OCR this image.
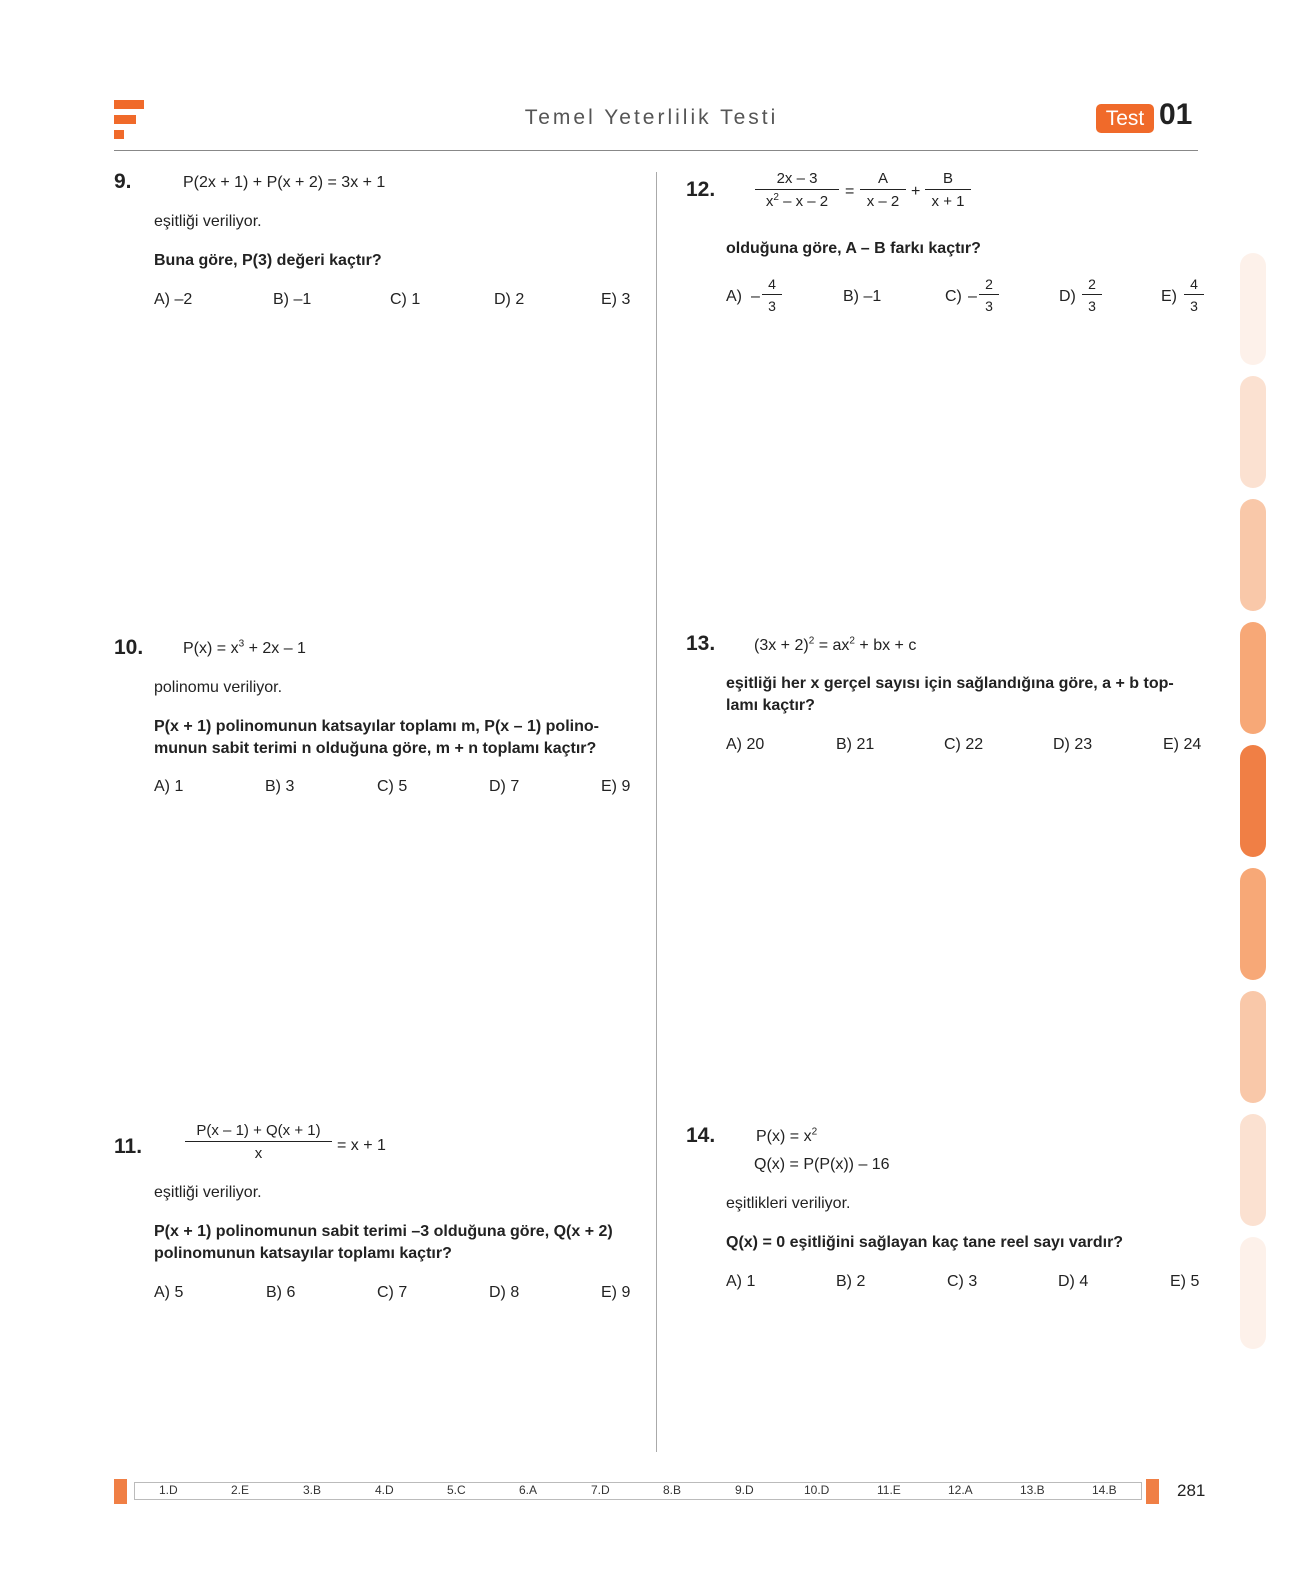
Temel Yeterlilik Testi	Test 01
9.	P(2x + 1) + P(x + 2) = 3x + 1
eşitliği veriliyor.
Buna göre, P(3) değeri kaçtır?
A) –2	B) –1	C) 1	D) 2	E) 3
10. $P(x) = x^3 + 2x - 1$
polinomu veriliyor.
P(x + 1) polinomunun katsayılar toplamı m, P(x – 1) polino-
munun sabit terimi n olduğuna göre, m + n toplamı kaçtır?
A) 1	B) 3	C) 5	D) 7	E) 9
11.	$\frac{P(x - 1) + Q(x + 1)}{x} = x + 1$
eşitliği veriliyor.
P(x + 1) polinomunun sabit terimi –3 olduğuna göre, Q(x + 2)
polinomunun katsayılar toplamı kaçtır?
A) 5	B) 6	C) 7	D) 8	E) 9
12.	$\frac{2x - 3}{x^2 - x - 2} = \frac{A}{x - 2} + \frac{B}{x + 1}$
olduğuna göre, A – B farkı kaçtır?
$A) - \frac{4}{3}$	B) –1	$C) - \frac{2}{3}$	$D) \frac{2}{3}$	$E) \frac{4}{3}$
13. $(3x + 2)^2 = ax^2$ + bx + c
eşitliği her x gerçel sayısı için sağlandığına göre, a + b top-
lamı kaçtır?
A) 20	B) 21	C) 22	D) 23	E) 24
14.	$P(x) = x^2$
Q(x) = P(P(x)) – 16
eşitlikleri veriliyor.
Q(x) = 0 eşitliğini sağlayan kaç tane reel sayı vardır?
A) 1	B) 2	C) 3	D) 4	E) 5
1.D	2.E	3.B	4.D	5.C	6.A	7.D	8.B	9.D	10.D	11.E	12.A	13.B	14.B	281
